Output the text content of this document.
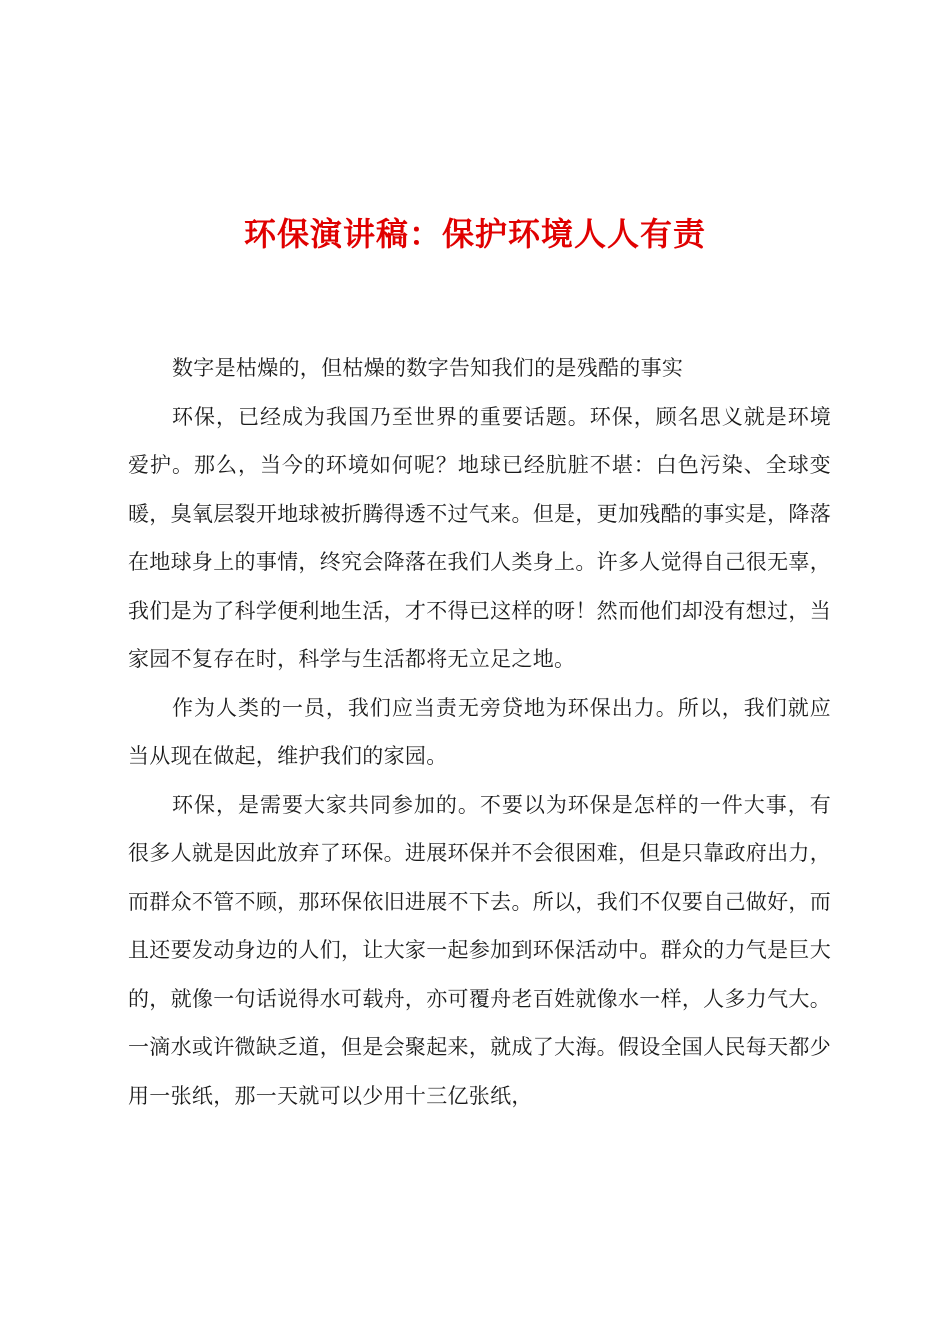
环保演讲稿：保护环境人人有责

数字是枯燥的，但枯燥的数字告知我们的是残酷的事实

环保，已经成为我国乃至世界的重要话题。环保，顾名思义就是环境爱护。那么，当今的环境如何呢？地球已经肮脏不堪：白色污染、全球变暖，臭氧层裂开地球被折腾得透不过气来。但是，更加残酷的事实是，降落在地球身上的事情，终究会降落在我们人类身上。许多人觉得自己很无辜，我们是为了科学便利地生活，才不得已这样的呀！然而他们却没有想过，当家园不复存在时，科学与生活都将无立足之地。

作为人类的一员，我们应当责无旁贷地为环保出力。所以，我们就应当从现在做起，维护我们的家园。

环保，是需要大家共同参加的。不要以为环保是怎样的一件大事，有很多人就是因此放弃了环保。进展环保并不会很困难，但是只靠政府出力，而群众不管不顾，那环保依旧进展不下去。所以，我们不仅要自己做好，而且还要发动身边的人们，让大家一起参加到环保活动中。群众的力气是巨大的，就像一句话说得水可载舟，亦可覆舟老百姓就像水一样，人多力气大。一滴水或许微缺乏道，但是会聚起来，就成了大海。假设全国人民每天都少用一张纸，那一天就可以少用十三亿张纸，
